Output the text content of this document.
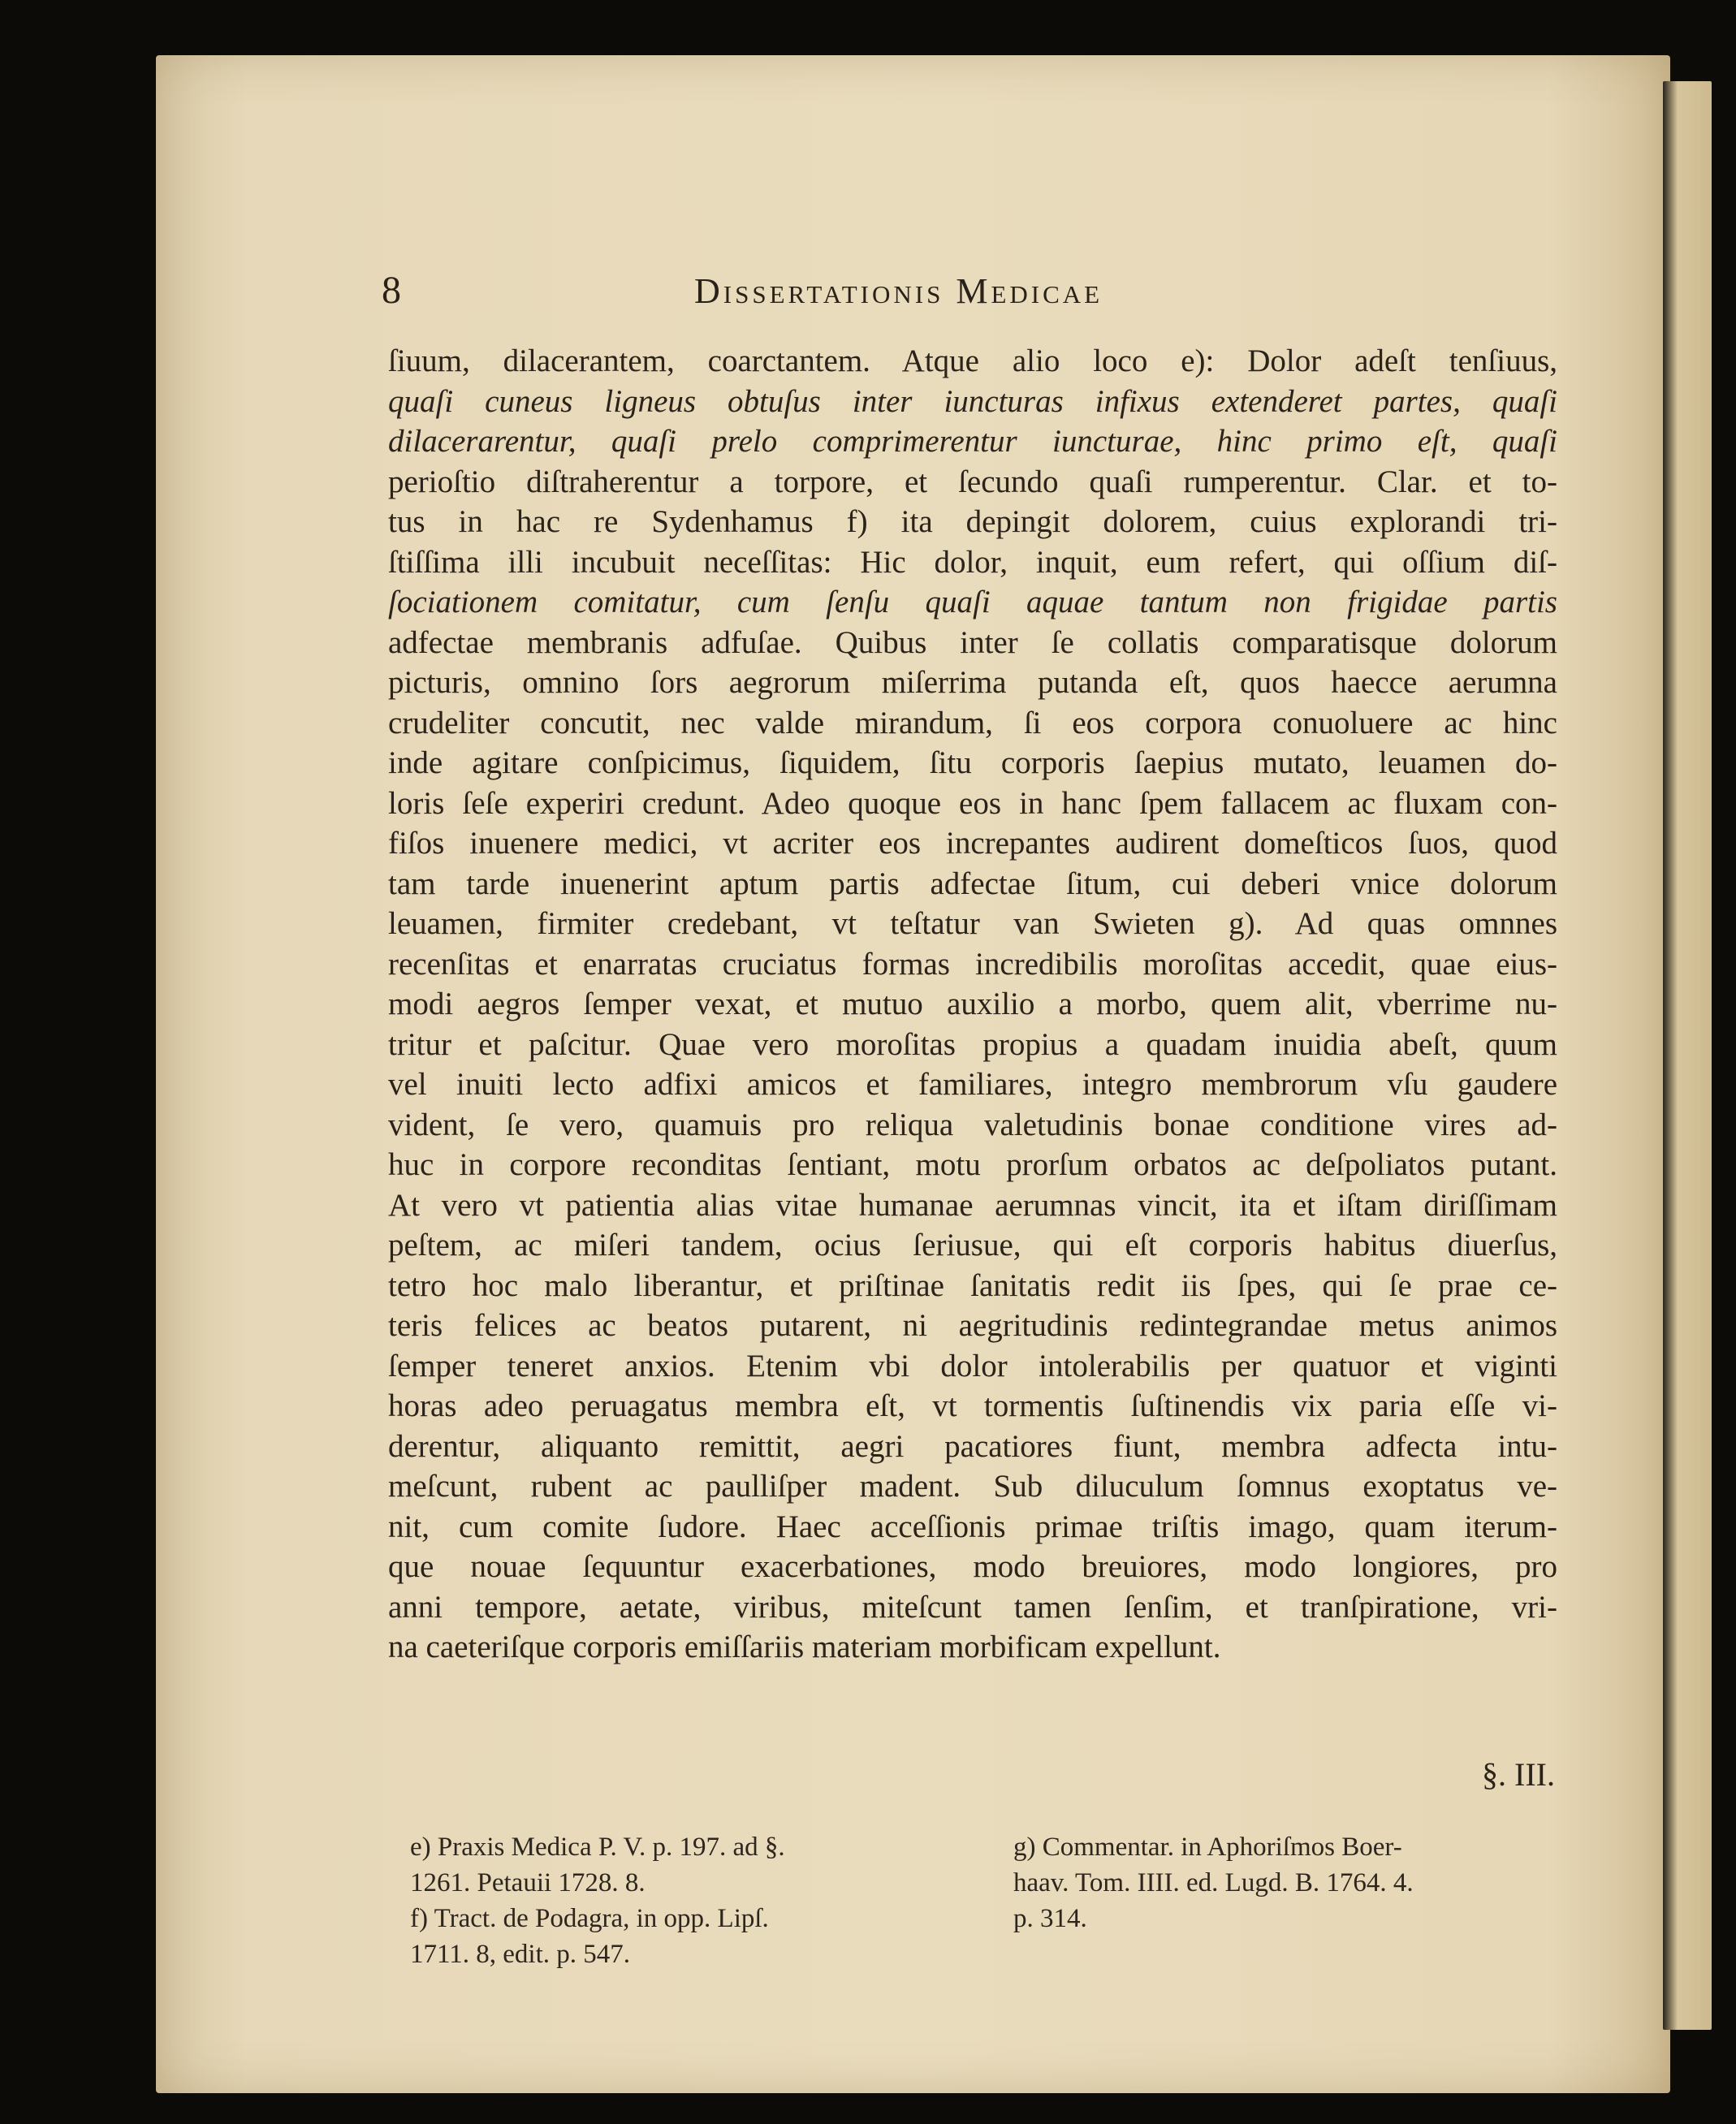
8	Dissertationis Medicae
ſiuum, dilacerantem, coarctantem. Atque alio loco e): Dolor adeſt tenſiuus,
quaſi cuneus ligneus obtuſus inter iuncturas infixus extenderet partes, quaſi
dilacerarentur, quaſi prelo comprimerentur iuncturae, hinc primo eſt, quaſi
perioſtio diſtraherentur a torpore, et ſecundo quaſi rumperentur. Clar. et to-
tus in hac re Sydenhamus f) ita depingit dolorem, cuius explorandi tri-
ſtiſſima illi incubuit neceſſitas: Hic dolor, inquit, eum refert, qui oſſium diſ-
ſociationem comitatur, cum ſenſu quaſi aquae tantum non frigidae partis
adfectae membranis adfuſae. Quibus inter ſe collatis comparatisque dolorum
picturis, omnino ſors aegrorum miſerrima putanda eſt, quos haecce aerumna
crudeliter concutit, nec valde mirandum, ſi eos corpora conuoluere ac hinc
inde agitare conſpicimus, ſiquidem, ſitu corporis ſaepius mutato, leuamen do-
loris ſeſe experiri credunt. Adeo quoque eos in hanc ſpem fallacem ac fluxam con-
fiſos inuenere medici, vt acriter eos increpantes audirent domeſticos ſuos, quod
tam tarde inuenerint aptum partis adfectae ſitum, cui deberi vnice dolorum
leuamen, firmiter credebant, vt teſtatur van Swieten g). Ad quas omnnes
recenſitas et enarratas cruciatus formas incredibilis moroſitas accedit, quae eius-
modi aegros ſemper vexat, et mutuo auxilio a morbo, quem alit, vberrime nu-
tritur et paſcitur. Quae vero moroſitas propius a quadam inuidia abeſt, quum
vel inuiti lecto adfixi amicos et familiares, integro membrorum vſu gaudere
vident, ſe vero, quamuis pro reliqua valetudinis bonae conditione vires ad-
huc in corpore reconditas ſentiant, motu prorſum orbatos ac deſpoliatos putant.
At vero vt patientia alias vitae humanae aerumnas vincit, ita et iſtam diriſſimam
peſtem, ac miſeri tandem, ocius ſeriusue, qui eſt corporis habitus diuerſus,
tetro hoc malo liberantur, et priſtinae ſanitatis redit iis ſpes, qui ſe prae ce-
teris felices ac beatos putarent, ni aegritudinis redintegrandae metus animos
ſemper teneret anxios. Etenim vbi dolor intolerabilis per quatuor et viginti
horas adeo peruagatus membra eſt, vt tormentis ſuſtinendis vix paria eſſe vi-
derentur, aliquanto remittit, aegri pacatiores fiunt, membra adfecta intu-
meſcunt, rubent ac paulliſper madent. Sub diluculum ſomnus exoptatus ve-
nit, cum comite ſudore. Haec acceſſionis primae triſtis imago, quam iterum-
que nouae ſequuntur exacerbationes, modo breuiores, modo longiores, pro
anni tempore, aetate, viribus, miteſcunt tamen ſenſim, et tranſpiratione, vri-
na caeteriſque corporis emiſſariis materiam morbificam expellunt.
§. III.
e) Praxis Medica P. V. p. 197. ad §.
1261. Petauii 1728. 8.
f) Tract. de Podagra, in opp. Lipſ.
1711. 8, edit. p. 547.
g) Commentar. in Aphoriſmos Boer-
haav. Tom. IIII. ed. Lugd. B. 1764. 4.
p. 314.
